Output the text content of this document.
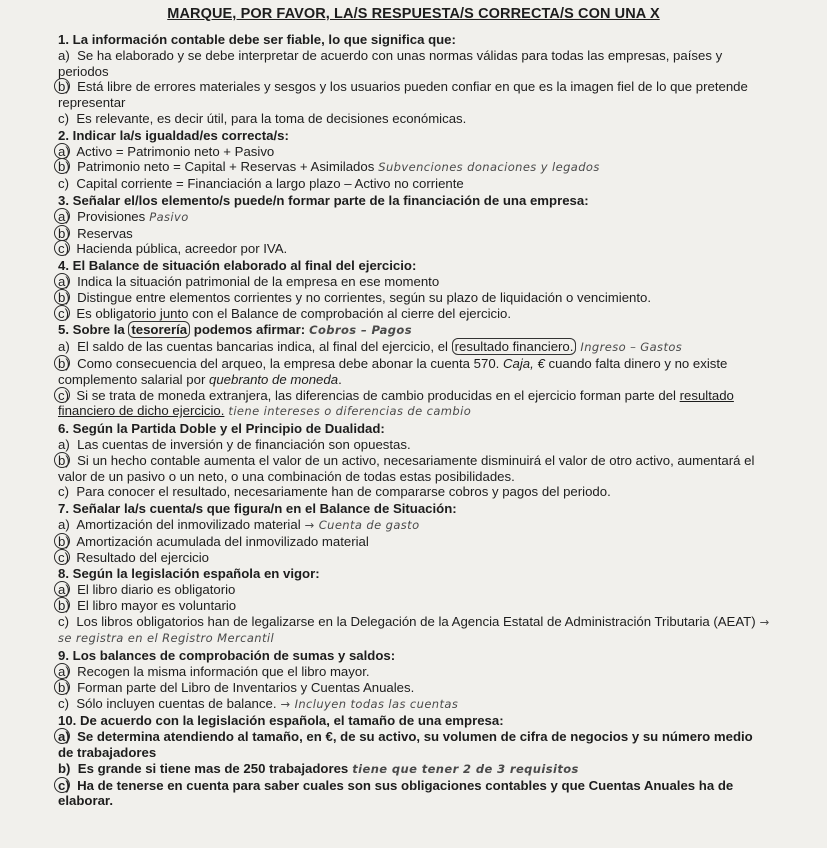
MARQUE, POR FAVOR, LA/S RESPUESTA/S CORRECTA/S CON UNA X
1. La información contable debe ser fiable, lo que significa que:
a) Se ha elaborado y se debe interpretar de acuerdo con unas normas válidas para todas las empresas, países y periodos
b) Está libre de errores materiales y sesgos y los usuarios pueden confiar en que es la imagen fiel de lo que pretende representar
c) Es relevante, es decir útil, para la toma de decisiones económicas.
2. Indicar la/s igualdad/es correcta/s:
a) Activo = Patrimonio neto + Pasivo
b) Patrimonio neto = Capital + Reservas + Asimilados Subvenciones donaciones y legados
c) Capital corriente = Financiación a largo plazo – Activo no corriente
3. Señalar el/los elemento/s puede/n formar parte de la financiación de una empresa:
a) Provisiones Pasivo
b) Reservas
c) Hacienda pública, acreedor por IVA.
4. El Balance de situación elaborado al final del ejercicio:
a) Indica la situación patrimonial de la empresa en ese momento
b) Distingue entre elementos corrientes y no corrientes, según su plazo de liquidación o vencimiento.
c) Es obligatorio junto con el Balance de comprobación al cierre del ejercicio.
5. Sobre la tesorería podemos afirmar: Cobros – Pagos
a) El saldo de las cuentas bancarias indica, al final del ejercicio, el resultado financiero. Ingreso – Gastos
b) Como consecuencia del arqueo, la empresa debe abonar la cuenta 570. Caja, € cuando falta dinero y no existe complemento salarial por quebranto de moneda.
c) Si se trata de moneda extranjera, las diferencias de cambio producidas en el ejercicio forman parte del resultado financiero de dicho ejercicio. tiene intereses o diferencias de cambio
6. Según la Partida Doble y el Principio de Dualidad:
a) Las cuentas de inversión y de financiación son opuestas.
b) Si un hecho contable aumenta el valor de un activo, necesariamente disminuirá el valor de otro activo, aumentará el valor de un pasivo o un neto, o una combinación de todas estas posibilidades.
c) Para conocer el resultado, necesariamente han de compararse cobros y pagos del periodo.
7. Señalar la/s cuenta/s que figura/n en el Balance de Situación:
a) Amortización del inmovilizado material → Cuenta de gasto
b) Amortización acumulada del inmovilizado material
c) Resultado del ejercicio
8. Según la legislación española en vigor:
a) El libro diario es obligatorio
b) El libro mayor es voluntario
c) Los libros obligatorios han de legalizarse en la Delegación de la Agencia Estatal de Administración Tributaria (AEAT) → se registra en el Registro Mercantil
9. Los balances de comprobación de sumas y saldos:
a) Recogen la misma información que el libro mayor.
b) Forman parte del Libro de Inventarios y Cuentas Anuales.
c) Sólo incluyen cuentas de balance. → Incluyen todas las cuentas
10. De acuerdo con la legislación española, el tamaño de una empresa:
a) Se determina atendiendo al tamaño, en €, de su activo, su volumen de cifra de negocios y su número medio de trabajadores
b) Es grande si tiene mas de 250 trabajadores tiene que tener 2 de 3 requisitos
c) Ha de tenerse en cuenta para saber cuales son sus obligaciones contables y que Cuentas Anuales ha de elaborar.
